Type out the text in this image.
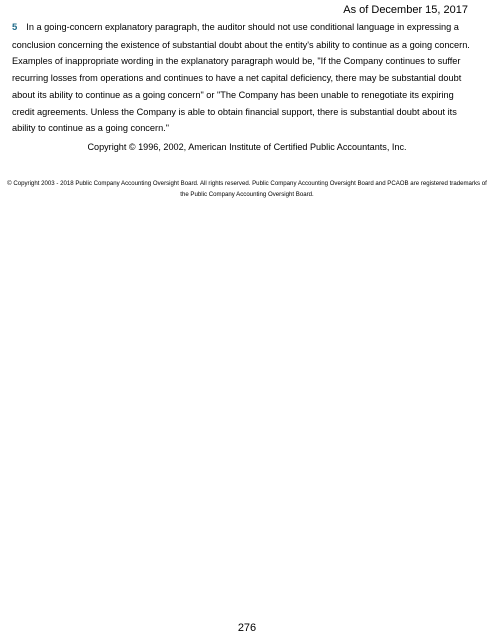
As of December 15, 2017
5 In a going-concern explanatory paragraph, the auditor should not use conditional language in expressing a conclusion concerning the existence of substantial doubt about the entity's ability to continue as a going concern. Examples of inappropriate wording in the explanatory paragraph would be, "If the Company continues to suffer recurring losses from operations and continues to have a net capital deficiency, there may be substantial doubt about its ability to continue as a going concern" or "The Company has been unable to renegotiate its expiring credit agreements. Unless the Company is able to obtain financial support, there is substantial doubt about its ability to continue as a going concern."
Copyright © 1996, 2002, American Institute of Certified Public Accountants, Inc.
© Copyright 2003 - 2018 Public Company Accounting Oversight Board. All rights reserved. Public Company Accounting Oversight Board and PCAOB are registered trademarks of the Public Company Accounting Oversight Board.
276
